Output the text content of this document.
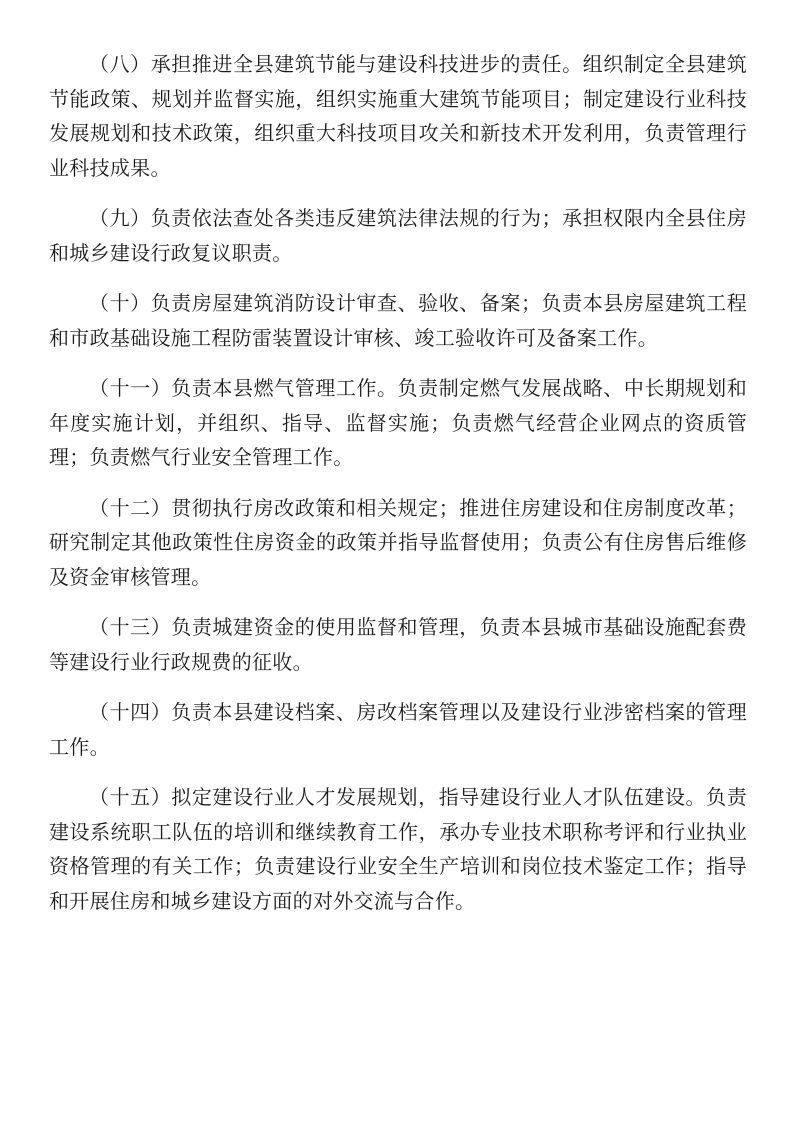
（八）承担推进全县建筑节能与建设科技进步的责任。组织制定全县建筑节能政策、规划并监督实施，组织实施重大建筑节能项目；制定建设行业科技发展规划和技术政策，组织重大科技项目攻关和新技术开发利用，负责管理行业科技成果。

（九）负责依法查处各类违反建筑法律法规的行为；承担权限内全县住房和城乡建设行政复议职责。

（十）负责房屋建筑消防设计审查、验收、备案；负责本县房屋建筑工程和市政基础设施工程防雷装置设计审核、竣工验收许可及备案工作。

（十一）负责本县燃气管理工作。负责制定燃气发展战略、中长期规划和年度实施计划，并组织、指导、监督实施；负责燃气经营企业网点的资质管理；负责燃气行业安全管理工作。

（十二）贯彻执行房改政策和相关规定；推进住房建设和住房制度改革；研究制定其他政策性住房资金的政策并指导监督使用；负责公有住房售后维修及资金审核管理。

（十三）负责城建资金的使用监督和管理，负责本县城市基础设施配套费等建设行业行政规费的征收。

（十四）负责本县建设档案、房改档案管理以及建设行业涉密档案的管理工作。

（十五）拟定建设行业人才发展规划，指导建设行业人才队伍建设。负责建设系统职工队伍的培训和继续教育工作，承办专业技术职称考评和行业执业资格管理的有关工作；负责建设行业安全生产培训和岗位技术鉴定工作；指导和开展住房和城乡建设方面的对外交流与合作。
